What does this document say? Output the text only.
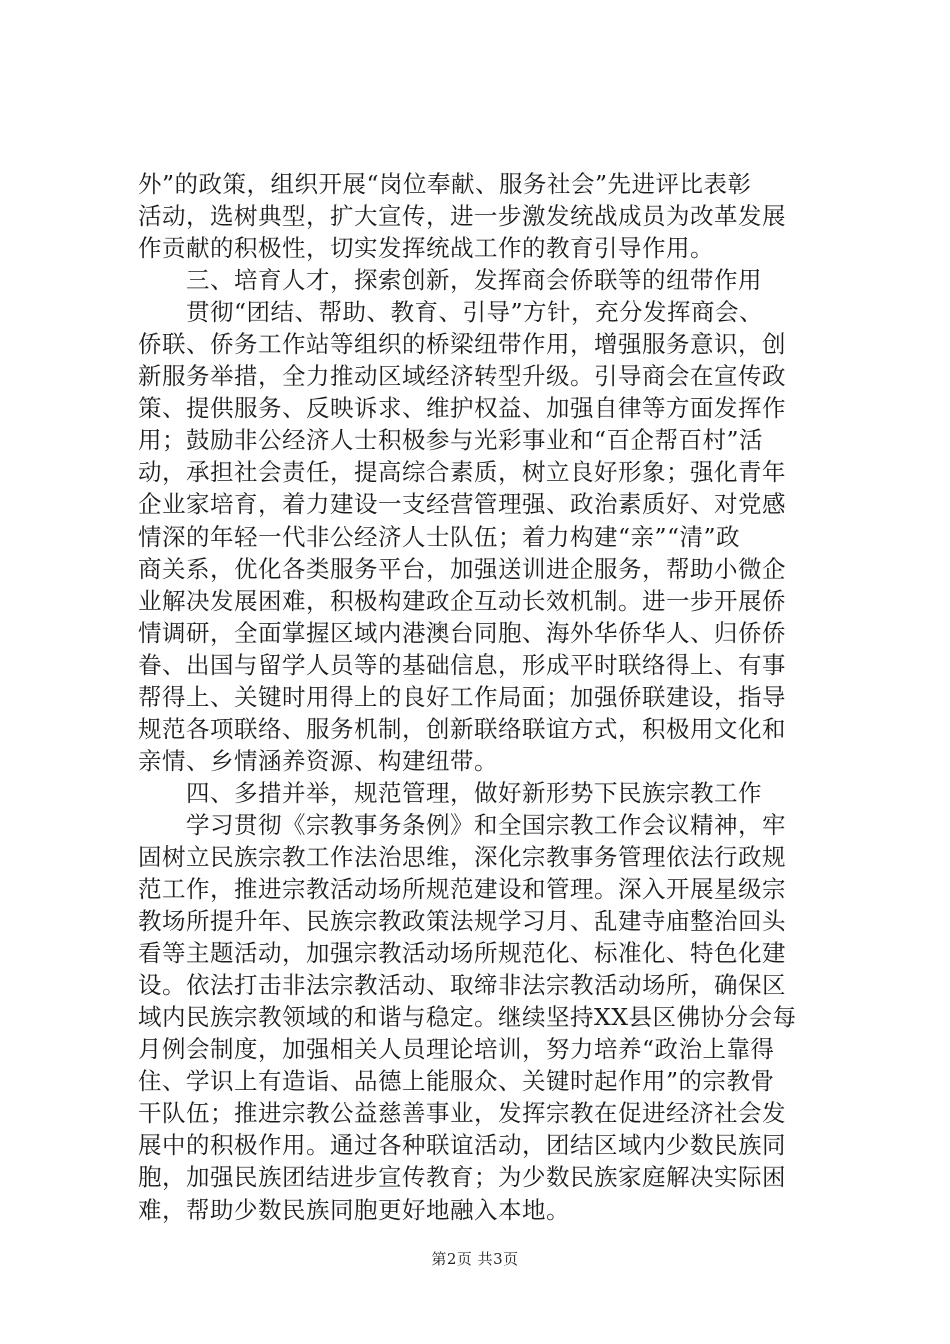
外”的政策，组织开展“岗位奉献、服务社会”先进评比表彰
活动，选树典型，扩大宣传，进一步激发统战成员为改革发展
作贡献的积极性，切实发挥统战工作的教育引导作用。
　　三、培育人才，探索创新，发挥商会侨联等的纽带作用
　　贯彻“团结、帮助、教育、引导”方针，充分发挥商会、
侨联、侨务工作站等组织的桥梁纽带作用，增强服务意识，创
新服务举措，全力推动区域经济转型升级。引导商会在宣传政
策、提供服务、反映诉求、维护权益、加强自律等方面发挥作
用；鼓励非公经济人士积极参与光彩事业和“百企帮百村”活
动，承担社会责任，提高综合素质，树立良好形象；强化青年
企业家培育，着力建设一支经营管理强、政治素质好、对党感
情深的年轻一代非公经济人士队伍；着力构建“亲”“清”政
商关系，优化各类服务平台，加强送训进企服务，帮助小微企
业解决发展困难，积极构建政企互动长效机制。进一步开展侨
情调研，全面掌握区域内港澳台同胞、海外华侨华人、归侨侨
眷、出国与留学人员等的基础信息，形成平时联络得上、有事
帮得上、关键时用得上的良好工作局面；加强侨联建设，指导
规范各项联络、服务机制，创新联络联谊方式，积极用文化和
亲情、乡情涵养资源、构建纽带。
　　四、多措并举，规范管理，做好新形势下民族宗教工作
　　学习贯彻《宗教事务条例》和全国宗教工作会议精神，牢
固树立民族宗教工作法治思维，深化宗教事务管理依法行政规
范工作，推进宗教活动场所规范建设和管理。深入开展星级宗
教场所提升年、民族宗教政策法规学习月、乱建寺庙整治回头
看等主题活动，加强宗教活动场所规范化、标准化、特色化建
设。依法打击非法宗教活动、取缔非法宗教活动场所，确保区
域内民族宗教领域的和谐与稳定。继续坚持XX县区佛协分会每
月例会制度，加强相关人员理论培训，努力培养“政治上靠得
住、学识上有造诣、品德上能服众、关键时起作用”的宗教骨
干队伍；推进宗教公益慈善事业，发挥宗教在促进经济社会发
展中的积极作用。通过各种联谊活动，团结区域内少数民族同
胞，加强民族团结进步宣传教育；为少数民族家庭解决实际困
难，帮助少数民族同胞更好地融入本地。
第2页 共3页
